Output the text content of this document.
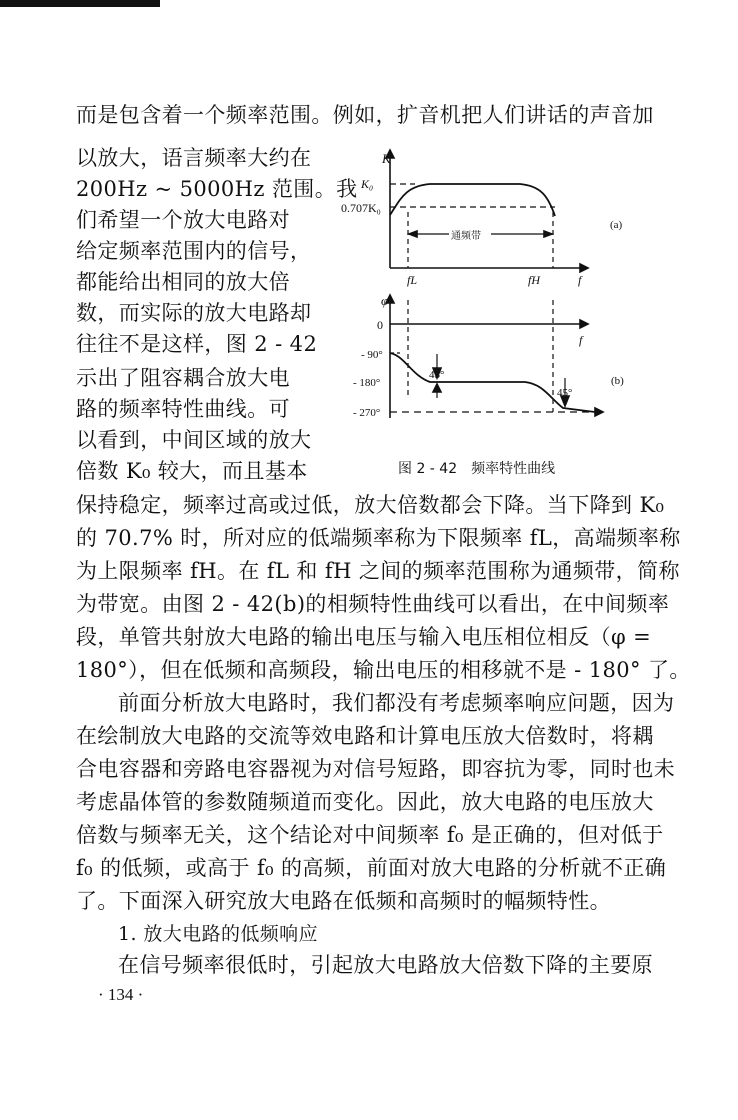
而是包含着一个频率范围。例如，扩音机把人们讲话的声音加
以放大，语言频率大约在
200Hz ~ 5000Hz 范围。我
们希望一个放大电路对
给定频率范围内的信号，
都能给出相同的放大倍
数，而实际的放大电路却
往往不是这样，图 2 - 42
示出了阻容耦合放大电
路的频率特性曲线。可
以看到，中间区域的放大
倍数 K₀ 较大，而且基本
K
K₀
0.707K₀
通频带
(a)
fL	fH	f
φ
0
- 90°
- 180°
- 270°
45°
45°
f
(b)
图 2 - 42　频率特性曲线
保持稳定，频率过高或过低，放大倍数都会下降。当下降到 K₀
的 70.7% 时，所对应的低端频率称为下限频率 fL，高端频率称
为上限频率 fH。在 fL 和 fH 之间的频率范围称为通频带，简称
为带宽。由图 2 - 42(b)的相频特性曲线可以看出，在中间频率
段，单管共射放大电路的输出电压与输入电压相位相反（φ =
180°），但在低频和高频段，输出电压的相移就不是 - 180° 了。
前面分析放大电路时，我们都没有考虑频率响应问题，因为
在绘制放大电路的交流等效电路和计算电压放大倍数时，将耦
合电容器和旁路电容器视为对信号短路，即容抗为零，同时也未
考虑晶体管的参数随频道而变化。因此，放大电路的电压放大
倍数与频率无关，这个结论对中间频率 f₀ 是正确的，但对低于
f₀ 的低频，或高于 f₀ 的高频，前面对放大电路的分析就不正确
了。下面深入研究放大电路在低频和高频时的幅频特性。
1. 放大电路的低频响应
在信号频率很低时，引起放大电路放大倍数下降的主要原
· 134 ·
